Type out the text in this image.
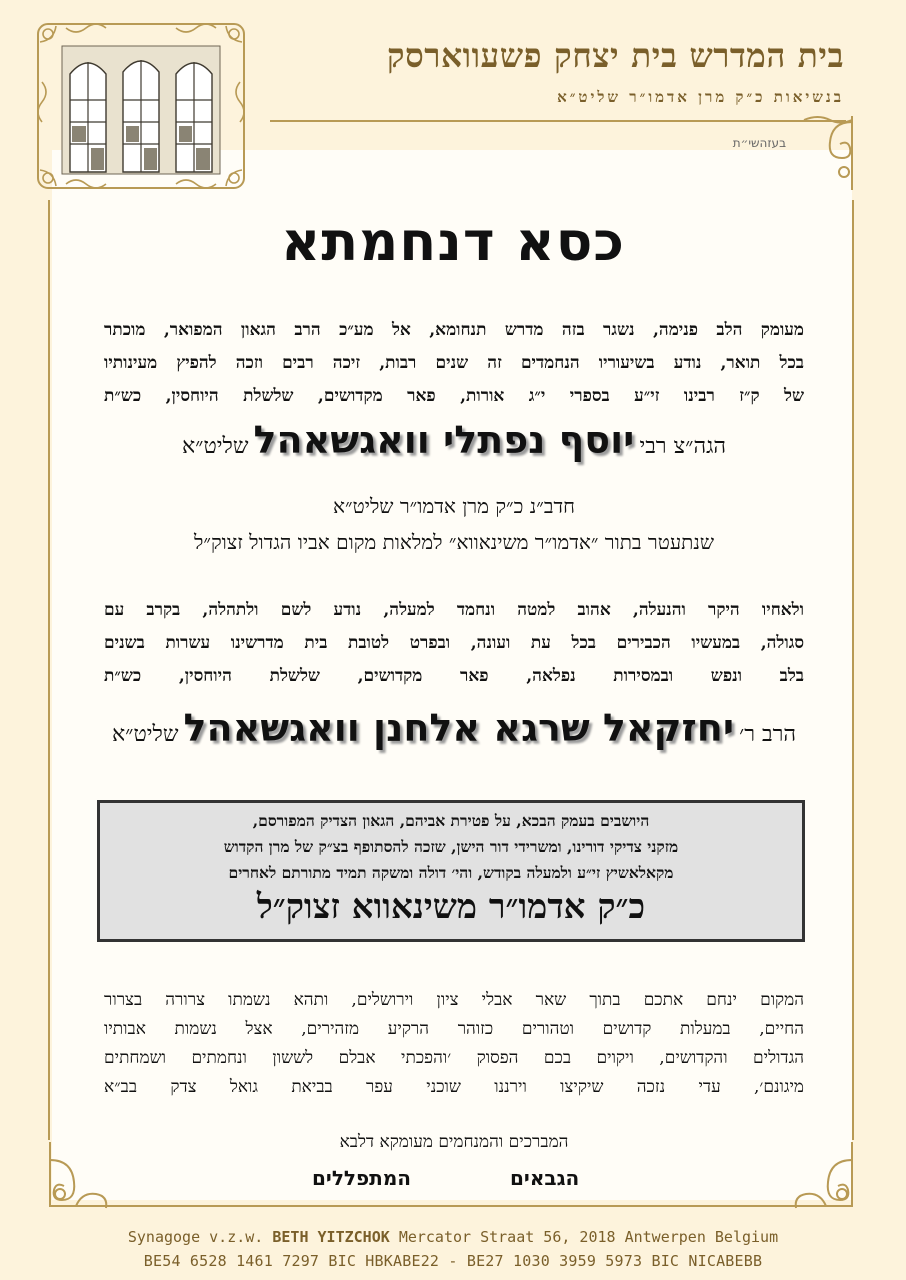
בית המדרש בית יצחק פשעווארסק
בנשיאות כ״ק מרן אדמו״ר שליט״א
בעזהשי״ת
כסא דנחמתא
מעומק הלב פנימה, נשגר בזה מדרש תנחומא, אל מע״כ הרב הגאון המפואר, מוכתר
בכל תואר, נודע בשיעוריו הנחמדים זה שנים רבות, זיכה רבים וזכה להפיץ מעינותיו
של ק״ז רבינו זי״ע בספרי י״ג אורות, פאר מקדושים, שלשלת היוחסין, כש״ת
הגה״צ רבי יוסף נפתלי וואגשאהל שליט״א
חדב״נ כ״ק מרן אדמו״ר שליט״א
שנתעטר בתור ״אדמו״ר משינאווא״ למלאות מקום אביו הגדול זצוק״ל
ולאחיו היקר והנעלה, אהוב למטה ונחמד למעלה, נודע לשם ולתהלה, בקרב עם
סגולה, במעשיו הכבירים בכל עת ועונה, ובפרט לטובת בית מדרשינו עשרות בשנים
בלב ונפש ובמסירות נפלאה, פאר מקדושים, שלשלת היוחסין, כש״ת
הרב ר׳ יחזקאל שרגא אלחנן וואגשאהל שליט״א
היושבים בעמק הבכא, על פטירת אביהם, הגאון הצדיק המפורסם,
מזקני צדיקי דורינו, ומשרידי דור הישן, שזכה להסתופף בצ״ק של מרן הקדוש
מקאלאשיץ זי״ע ולמעלה בקודש, והי׳ דולה ומשקה תמיד מתורתם לאחרים
כ״ק אדמו״ר משינאווא זצוק״ל
המקום ינחם אתכם בתוך שאר אבלי ציון וירושלים, ותהא נשמתו צרורה בצרור
החיים, במעלות קדושים וטהורים כזוהר הרקיע מזהירים, אצל נשמות אבותיו
הגדולים והקדושים, ויקוים בכם הפסוק ׳והפכתי אבלם לששון ונחמתים ושמחתים
מיגונם׳, עדי נזכה שיקיצו וירננו שוכני עפר בביאת גואל צדק בב״א
המברכים והמנחמים מעומקא דלבא
הגבאים
המתפללים
Synagoge v.z.w. BETH YITZCHOK Mercator Straat 56, 2018 Antwerpen Belgium
BE54 6528 1461 7297 BIC HBKABE22 - BE27 1030 3959 5973 BIC NICABEBB
